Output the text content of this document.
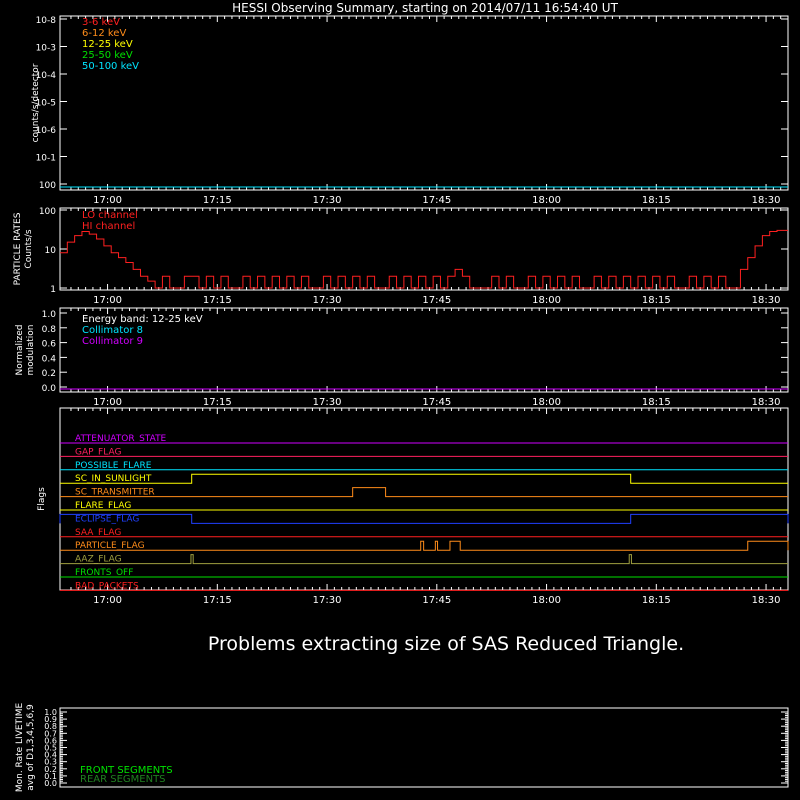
HESSI Observing Summary, starting on 2014/07/11 16:54:40 UT
Problems extracting size of SAS Reduced Triangle.
17:00	17:15	17:30	17:45	18:00	18:15	18:30
10-8
10-3
10-4
10-5
10-6
10-1
100
counts/s/detector
3-6 keV
6-12 keV
12-25 keV
25-50 keV
50-100 keV
17:00	17:15	17:30	17:45	18:00	18:15	18:30
100
10
1
PARTICLE RATES Counts/s
LO channel
HI channel
17:00	17:15	17:30	17:45	18:00	18:15	18:30
1.0
0.8
0.6
0.4
0.2
0.0
Normalized modulation
Energy band: 12-25 keV
Collimator 8
Collimator 9
17:00	17:15	17:30	17:45	18:00	18:15	18:30
Flags
ATTENUATOR_STATE
GAP_FLAG
POSSIBLE_FLARE
SC_IN_SUNLIGHT
SC_TRANSMITTER
FLARE_FLAG
ECLIPSE_FLAG
SAA_FLAG
PARTICLE_FLAG
AAZ_FLAG
FRONTS_OFF
BAD_PACKETS
1.0
0.9
0.8
0.7
0.6
0.5
0.4
0.3
0.2
0.1
0.0
Mon. Rate LIVETIME avg of D1,3,4,5,6,9	FRONT SEGMENTS
REAR SEGMENTS
